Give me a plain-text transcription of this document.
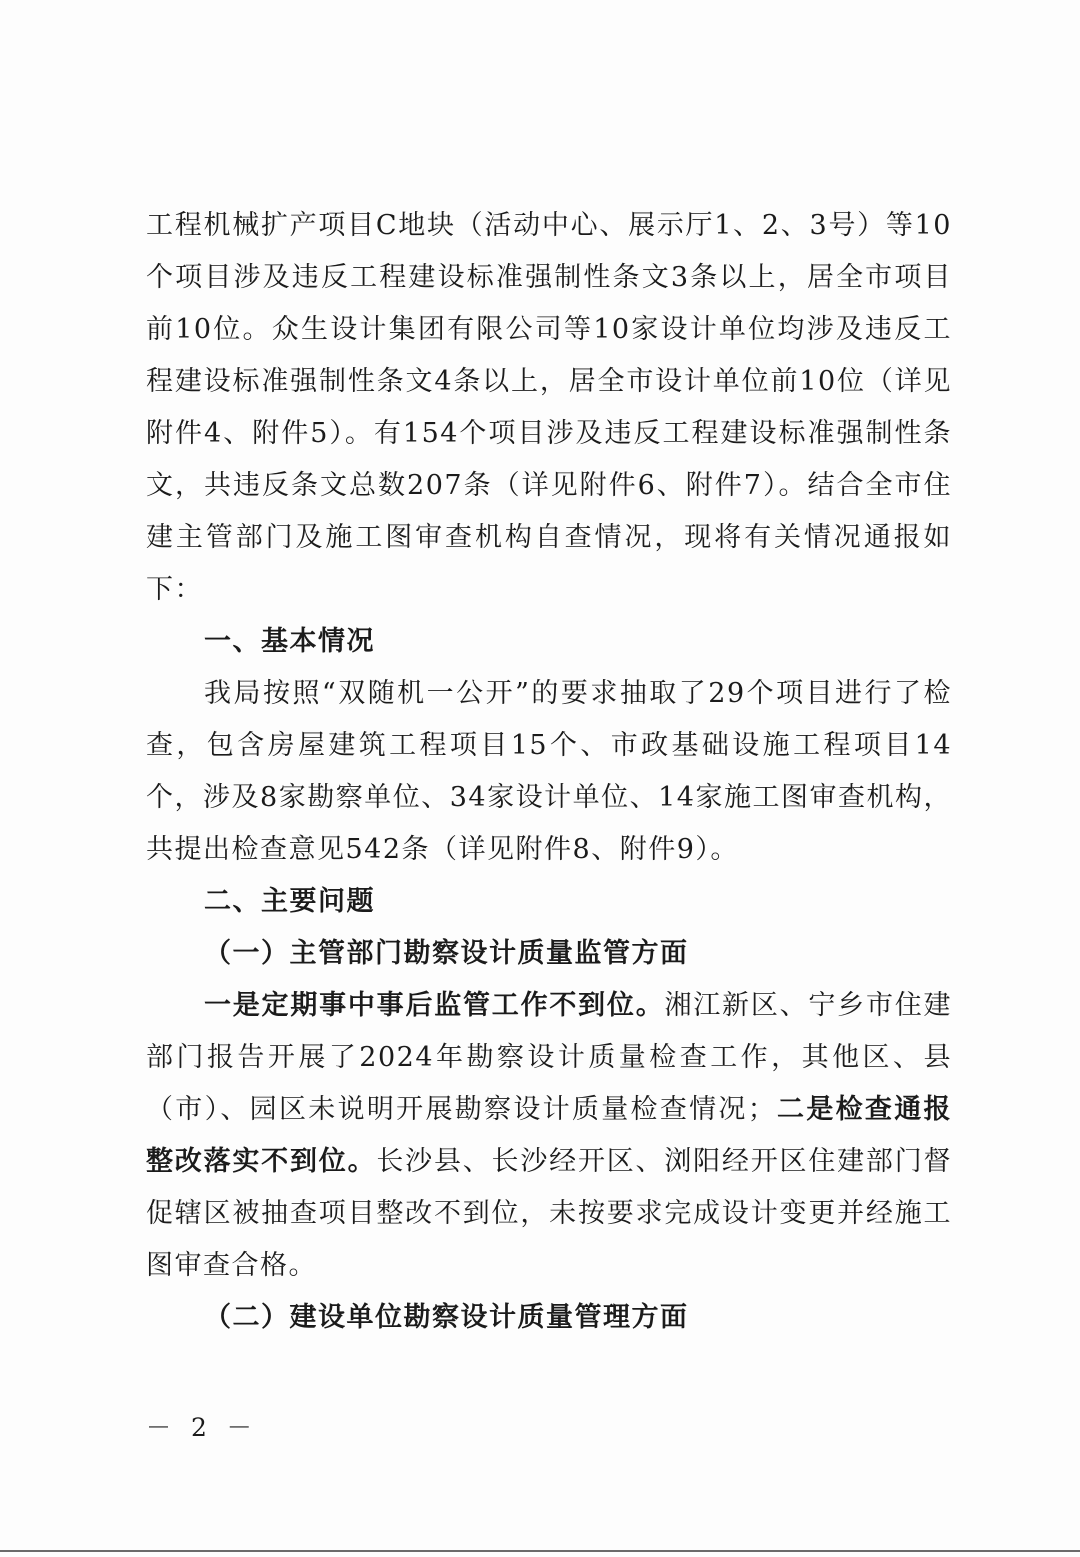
工程机械扩产项目C地块（活动中心、展示厅1、2、3号）等10个项目涉及违反工程建设标准强制性条文3条以上，居全市项目前10位。众生设计集团有限公司等10家设计单位均涉及违反工程建设标准强制性条文4条以上，居全市设计单位前10位（详见附件4、附件5）。有154个项目涉及违反工程建设标准强制性条文，共违反条文总数207条（详见附件6、附件7）。结合全市住建主管部门及施工图审查机构自查情况，现将有关情况通报如下：

一、基本情况

我局按照“双随机一公开”的要求抽取了29个项目进行了检查，包含房屋建筑工程项目15个、市政基础设施工程项目14个，涉及8家勘察单位、34家设计单位、14家施工图审查机构，共提出检查意见542条（详见附件8、附件9）。

二、主要问题

（一）主管部门勘察设计质量监管方面

一是定期事中事后监管工作不到位。湘江新区、宁乡市住建部门报告开展了2024年勘察设计质量检查工作，其他区、县（市）、园区未说明开展勘察设计质量检查情况；二是检查通报整改落实不到位。长沙县、长沙经开区、浏阳经开区住建部门督促辖区被抽查项目整改不到位，未按要求完成设计变更并经施工图审查合格。

（二）建设单位勘察设计质量管理方面

－ 2 －
